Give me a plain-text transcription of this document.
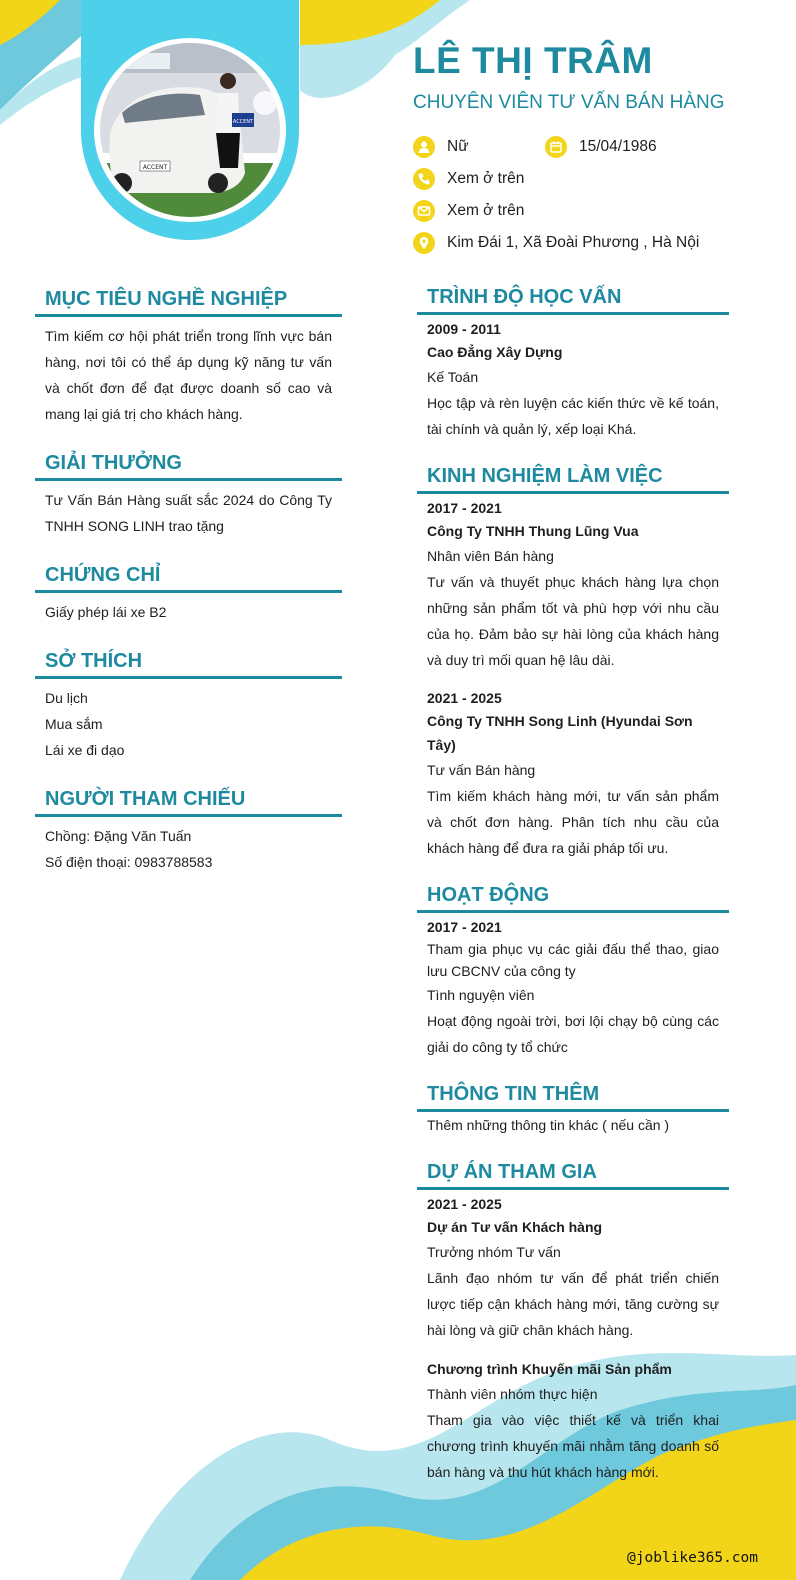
ACCENT
ACCENT
LÊ THỊ TRÂM

CHUYÊN VIÊN TƯ VẤN BÁN HÀNG

Nữ	15/04/1986
Xem ở trên
Xem ở trên
Kim Đái 1, Xã Đoài Phương , Hà Nội
MỤC TIÊU NGHỀ NGHIỆP

Tìm kiếm cơ hội phát triển trong lĩnh vực bán hàng, nơi tôi có thể áp dụng kỹ năng tư vấn và chốt đơn để đạt được doanh số cao và mang lại giá trị cho khách hàng.

GIẢI THƯỞNG

Tư Vấn Bán Hàng suất sắc 2024 do Công Ty TNHH SONG LINH trao tặng

CHỨNG CHỈ
Giấy phép lái xe B2
SỞ THÍCH
Du lịch
Mua sắm
Lái xe đi dạo
NGƯỜI THAM CHIẾU
Chồng: Đặng Văn Tuấn
Số điện thoại: 0983788583
TRÌNH ĐỘ HỌC VẤN
2009 - 2011
Cao Đẳng Xây Dựng
Kế Toán
Học tập và rèn luyện các kiến thức về kế toán, tài chính và quản lý, xếp loại Khá.
KINH NGHIỆM LÀM VIỆC
2017 - 2021
Công Ty TNHH Thung Lũng Vua
Nhân viên Bán hàng
Tư vấn và thuyết phục khách hàng lựa chọn những sản phẩm tốt và phù hợp với nhu cầu của họ. Đảm bảo sự hài lòng của khách hàng và duy trì mối quan hệ lâu dài.
2021 - 2025
Công Ty TNHH Song Linh (Hyundai Sơn Tây)
Tư vấn Bán hàng
Tìm kiếm khách hàng mới, tư vấn sản phẩm và chốt đơn hàng. Phân tích nhu cầu của khách hàng để đưa ra giải pháp tối ưu.
HOẠT ĐỘNG
2017 - 2021
Tham gia phục vụ các giải đấu thể thao, giao lưu CBCNV của công ty
Tình nguyện viên
Hoạt động ngoài trời, bơi lội chạy bộ cùng các giải do công ty tổ chức
THÔNG TIN THÊM
Thêm những thông tin khác ( nếu cần )
DỰ ÁN THAM GIA
2021 - 2025
Dự án Tư vấn Khách hàng
Trưởng nhóm Tư vấn
Lãnh đạo nhóm tư vấn để phát triển chiến lược tiếp cận khách hàng mới, tăng cường sự hài lòng và giữ chân khách hàng.
Chương trình Khuyến mãi Sản phẩm
Thành viên nhóm thực hiện
Tham gia vào việc thiết kế và triển khai chương trình khuyến mãi nhằm tăng doanh số bán hàng và thu hút khách hàng mới.
@joblike365.com
